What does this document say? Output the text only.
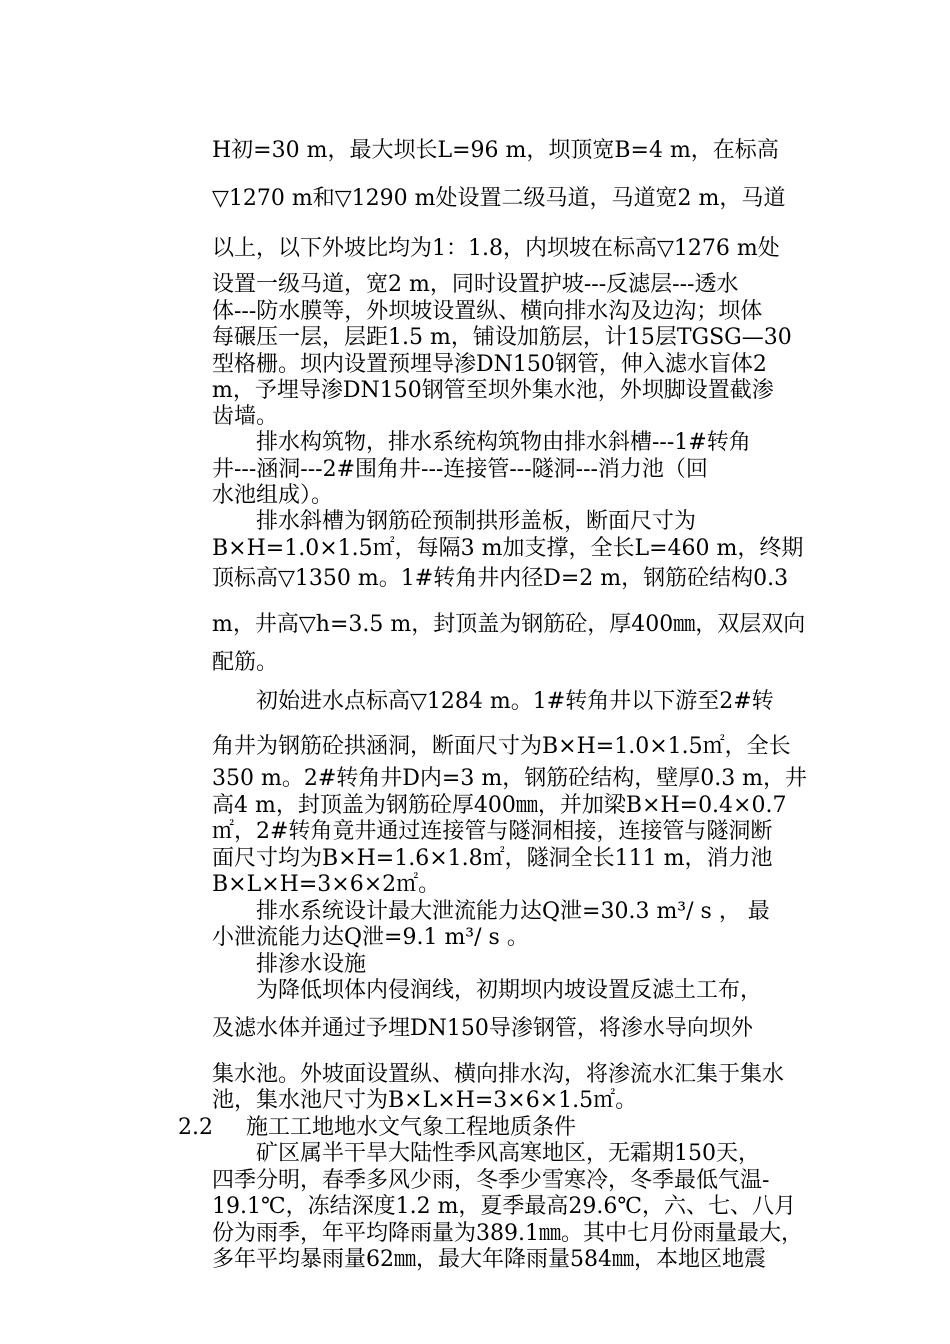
H初=30 m，最大坝长L=96 m，坝顶宽B=4 m，在标高
▽1270 m和▽1290 m处设置二级马道，马道宽2 m，马道
以上，以下外坡比均为1：1.8，内坝坡在标高▽1276 m处
设置一级马道，宽2 m，同时设置护坡---反滤层---透水
体---防水膜等，外坝坡设置纵、横向排水沟及边沟；坝体
每碾压一层，层距1.5 m，铺设加筋层，计15层TGSG—30
型格栅。坝内设置预埋导渗DN150钢管，伸入滤水盲体2
m，予埋导渗DN150钢管至坝外集水池，外坝脚设置截渗
齿墙。
排水构筑物，排水系统构筑物由排水斜槽---1#转角
井---涵洞---2#围角井---连接管---隧洞---消力池（回
水池组成）。
排水斜槽为钢筋砼预制拱形盖板，断面尺寸为
B×H=1.0×1.5㎡，每隔3 m加支撑，全长L=460 m，终期
顶标高▽1350 m。1#转角井内径D=2 m，钢筋砼结构0.3
m，井高▽h=3.5 m，封顶盖为钢筋砼，厚400㎜，双层双向
配筋。
初始进水点标高▽1284 m。1#转角井以下游至2#转
角井为钢筋砼拱涵洞，断面尺寸为B×H=1.0×1.5㎡，全长
350 m。2#转角井D内=3 m，钢筋砼结构，壁厚0.3 m，井
高4 m，封顶盖为钢筋砼厚400㎜，并加梁B×H=0.4×0.7
㎡，2#转角竟井通过连接管与隧洞相接，连接管与隧洞断
面尺寸均为B×H=1.6×1.8㎡，隧洞全长111 m，消力池
B×L×H=3×6×2㎡。
排水系统设计最大泄流能力达Q泄=30.3 m³/ s ， 最
小泄流能力达Q泄=9.1 m³/ s 。
排渗水设施
为降低坝体内侵润线，初期坝内坡设置反滤土工布，
及滤水体并通过予埋DN150导渗钢管，将渗水导向坝外
集水池。外坡面设置纵、横向排水沟，将渗流水汇集于集水
池，集水池尺寸为B×L×H=3×6×1.5㎡。
2.2 施工工地地水文气象工程地质条件
矿区属半干旱大陆性季风高寒地区，无霜期150天，
四季分明，春季多风少雨，冬季少雪寒冷，冬季最低气温-
19.1℃，冻结深度1.2 m，夏季最高29.6℃，六、七、八月
份为雨季，年平均降雨量为389.1㎜。其中七月份雨量最大，
多年平均暴雨量62㎜，最大年降雨量584㎜，本地区地震
